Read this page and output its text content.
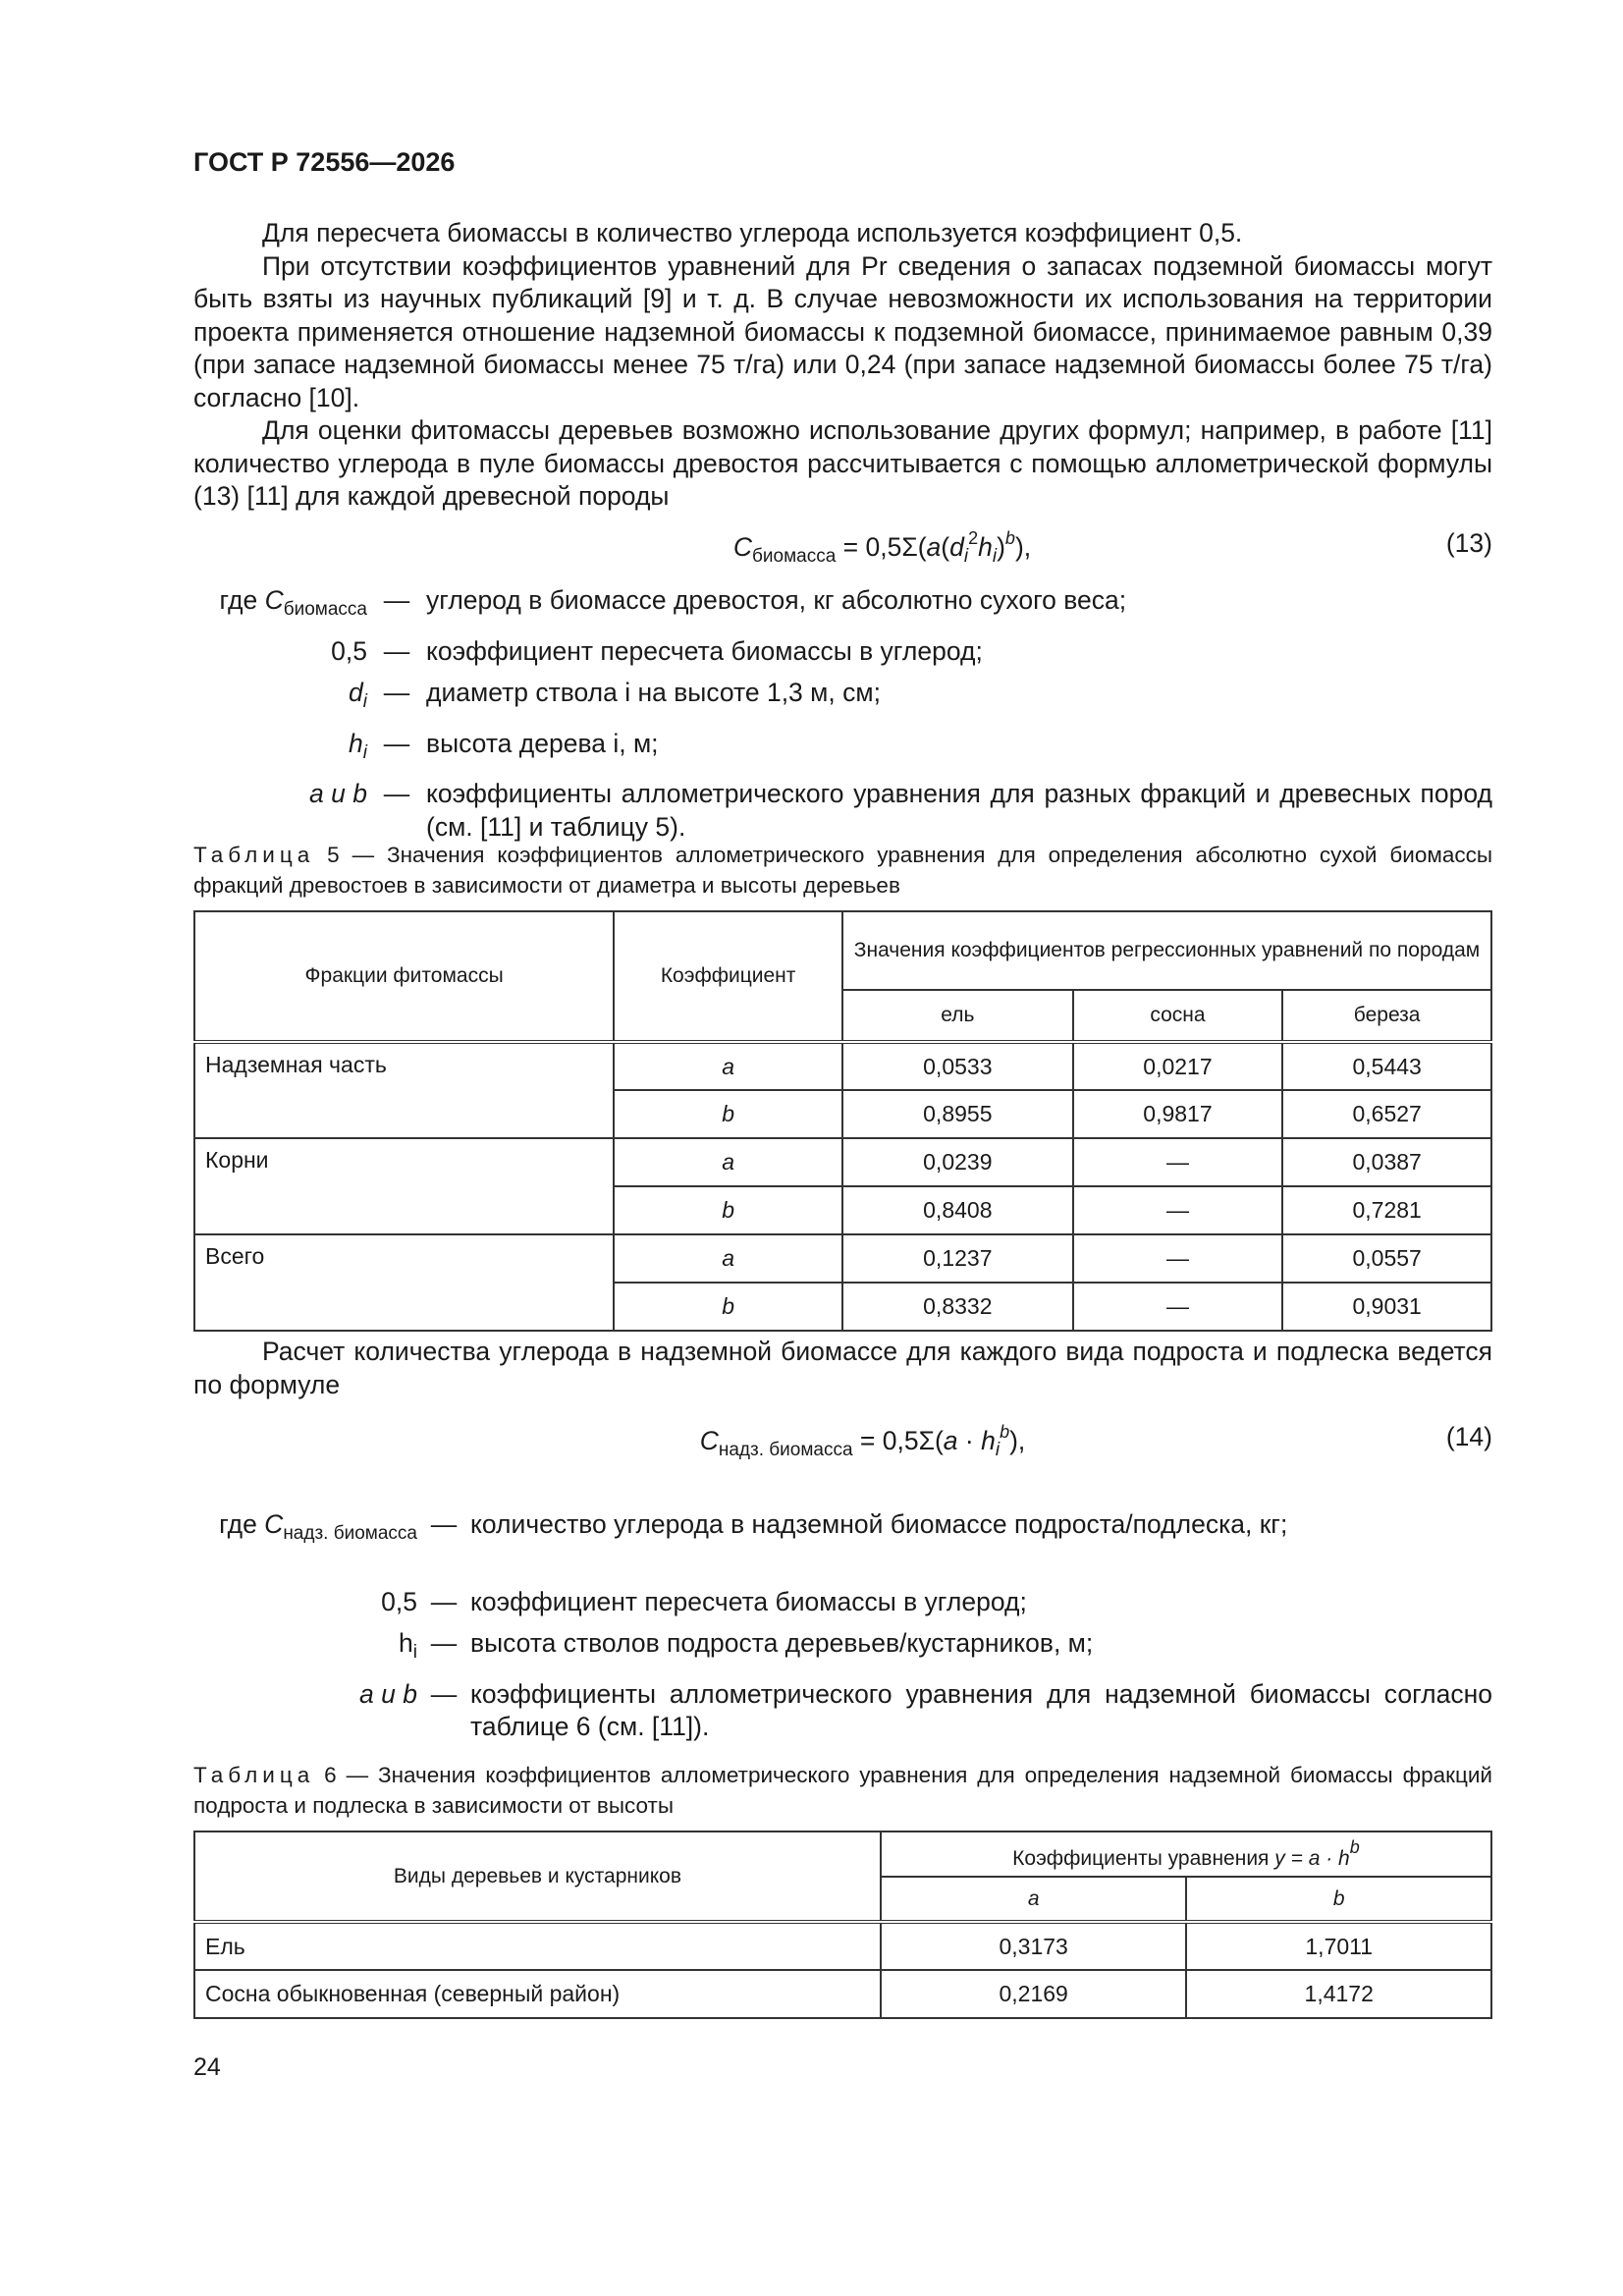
ГОСТ Р 72556—2026

Для пересчета биомассы в количество углерода используется коэффициент 0,5.

При отсутствии коэффициентов уравнений для Pr сведения о запасах подземной биомассы могут быть взяты из научных публикаций [9] и т. д. В случае невозможности их использования на территории проекта применяется отношение надземной биомассы к подземной биомассе, принимаемое равным 0,39 (при запасе надземной биомассы менее 75 т/га) или 0,24 (при запасе надземной биомассы более 75 т/га) согласно [10].

Для оценки фитомассы деревьев возможно использование других формул; например, в работе [11] количество углерода в пуле биомассы древостоя рассчитывается с помощью аллометрической формулы (13) [11] для каждой древесной породы

$C_{биомасса} = 0,5\Sigma(a(d_i^2h_i)^b)$,	(13)
где $C_{биомасса}$ — углерод в биомассе древостоя, кг абсолютно сухого веса;
0,5 — коэффициент пересчета биомассы в углерод;
$d_i$ — диаметр ствола i на высоте 1,3 м, см;
$h_i$ — высота дерева i, м;
a и b — коэффициенты аллометрического уравнения для разных фракций и древесных пород (см. [11] и таблицу 5).
Таблица 5 — Значения коэффициентов аллометрического уравнения для определения абсолютно сухой биомассы фракций древостоев в зависимости от диаметра и высоты деревьев
Фракции фитомассы	Коэффициент	Значения коэффициентов регрессионных уравнений по породам		
		ель	сосна	береза
Надземная часть	a	0,0533	0,0217	0,5443
	b	0,8955	0,9817	0,6527
Корни	a	0,0239	—	0,0387
	b	0,8408	—	0,7281
Всего	a	0,1237	—	0,0557
	b	0,8332	—	0,9031

Расчет количества углерода в надземной биомассе для каждого вида подроста и подлеска ведется по формуле

$C_{надз. биомасса} = 0,5\Sigma(a \cdot h_i^b)$,	(14)
где $C_{надз. биомасса}$ — количество углерода в надземной биомассе подроста/подлеска, кг;
0,5 — коэффициент пересчета биомассы в углерод;
$h_i$ — высота стволов подроста деревьев/кустарников, м;
a и b — коэффициенты аллометрического уравнения для надземной биомассы согласно таблице 6 (см. [11]).
Таблица 6 — Значения коэффициентов аллометрического уравнения для определения надземной биомассы фракций подроста и подлеска в зависимости от высоты
Виды деревьев и кустарников	Коэффициенты уравнения y = a · hb	
	a	b
Ель	0,3173	1,7011
Сосна обыкновенная (северный район)	0,2169	1,4172
24
